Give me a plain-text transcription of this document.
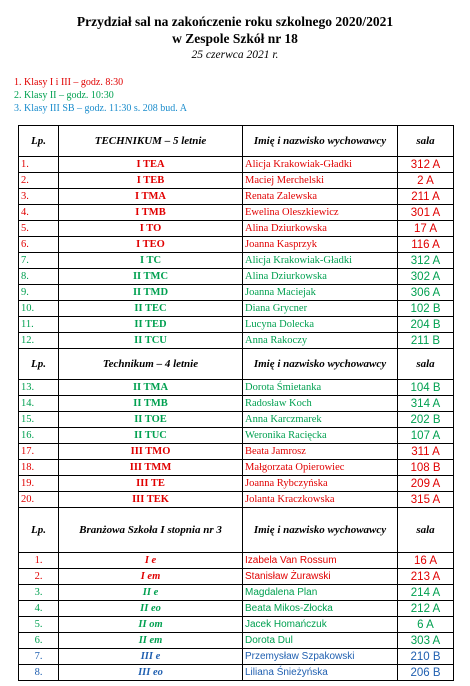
Przydział sal na zakończenie roku szkolnego 2020/2021
w Zespole Szkół nr 18
25 czerwca 2021 r.
1. Klasy I i III – godz. 8:30
2. Klasy II – godz. 10:30
3. Klasy III SB – godz. 11:30 s. 208 bud. A
Lp.	TECHNIKUM – 5 letnie	Imię i nazwisko wychowawcy	sala
1.	I TEA	Alicja Krakowiak-Gładki	312 A
2.	I TEB	Maciej Merchelski	2 A
3.	I TMA	Renata Zalewska	211 A
4.	I TMB	Ewelina Oleszkiewicz	301 A
5.	I TO	Alina Dziurkowska	17 A
6.	I TEO	Joanna Kasprzyk	116 A
7.	I TC	Alicja Krakowiak-Gładki	312 A
8.	II TMC	Alina Dziurkowska	302 A
9.	II TMD	Joanna Maciejak	306 A
10.	II TEC	Diana Grycner	102 B
11.	II TED	Lucyna Dolecka	204 B
12.	II TCU	Anna Rakoczy	211 B
Lp.	Technikum – 4 letnie	Imię i nazwisko wychowawcy	sala
13.	II TMA	Dorota Śmietanka	104 B
14.	II TMB	Radosław Koch	314 A
15.	II TOE	Anna Karczmarek	202 B
16.	II TUC	Weronika Racięcka	107 A
17.	III TMO	Beata Jamrosz	311 A
18.	III TMM	Małgorzata Opierowiec	108 B
19.	III TE	Joanna Rybczyńska	209 A
20.	III TEK	Jolanta Kraczkowska	315 A
Lp.	Branżowa Szkoła I stopnia nr 3	Imię i nazwisko wychowawcy	sala
1.	I e	Izabela Van Rossum	16 A
2.	I em	Stanisław Żurawski	213 A
3.	II e	Magdalena Plan	214 A
4.	II eo	Beata Mikos-Złocka	212 A
5.	II om	Jacek Homańczuk	6 A
6.	II em	Dorota Dul	303 A
7.	III e	Przemysław Szpakowski	210 B
8.	III eo	Liliana Śnieżyńska	206 B
